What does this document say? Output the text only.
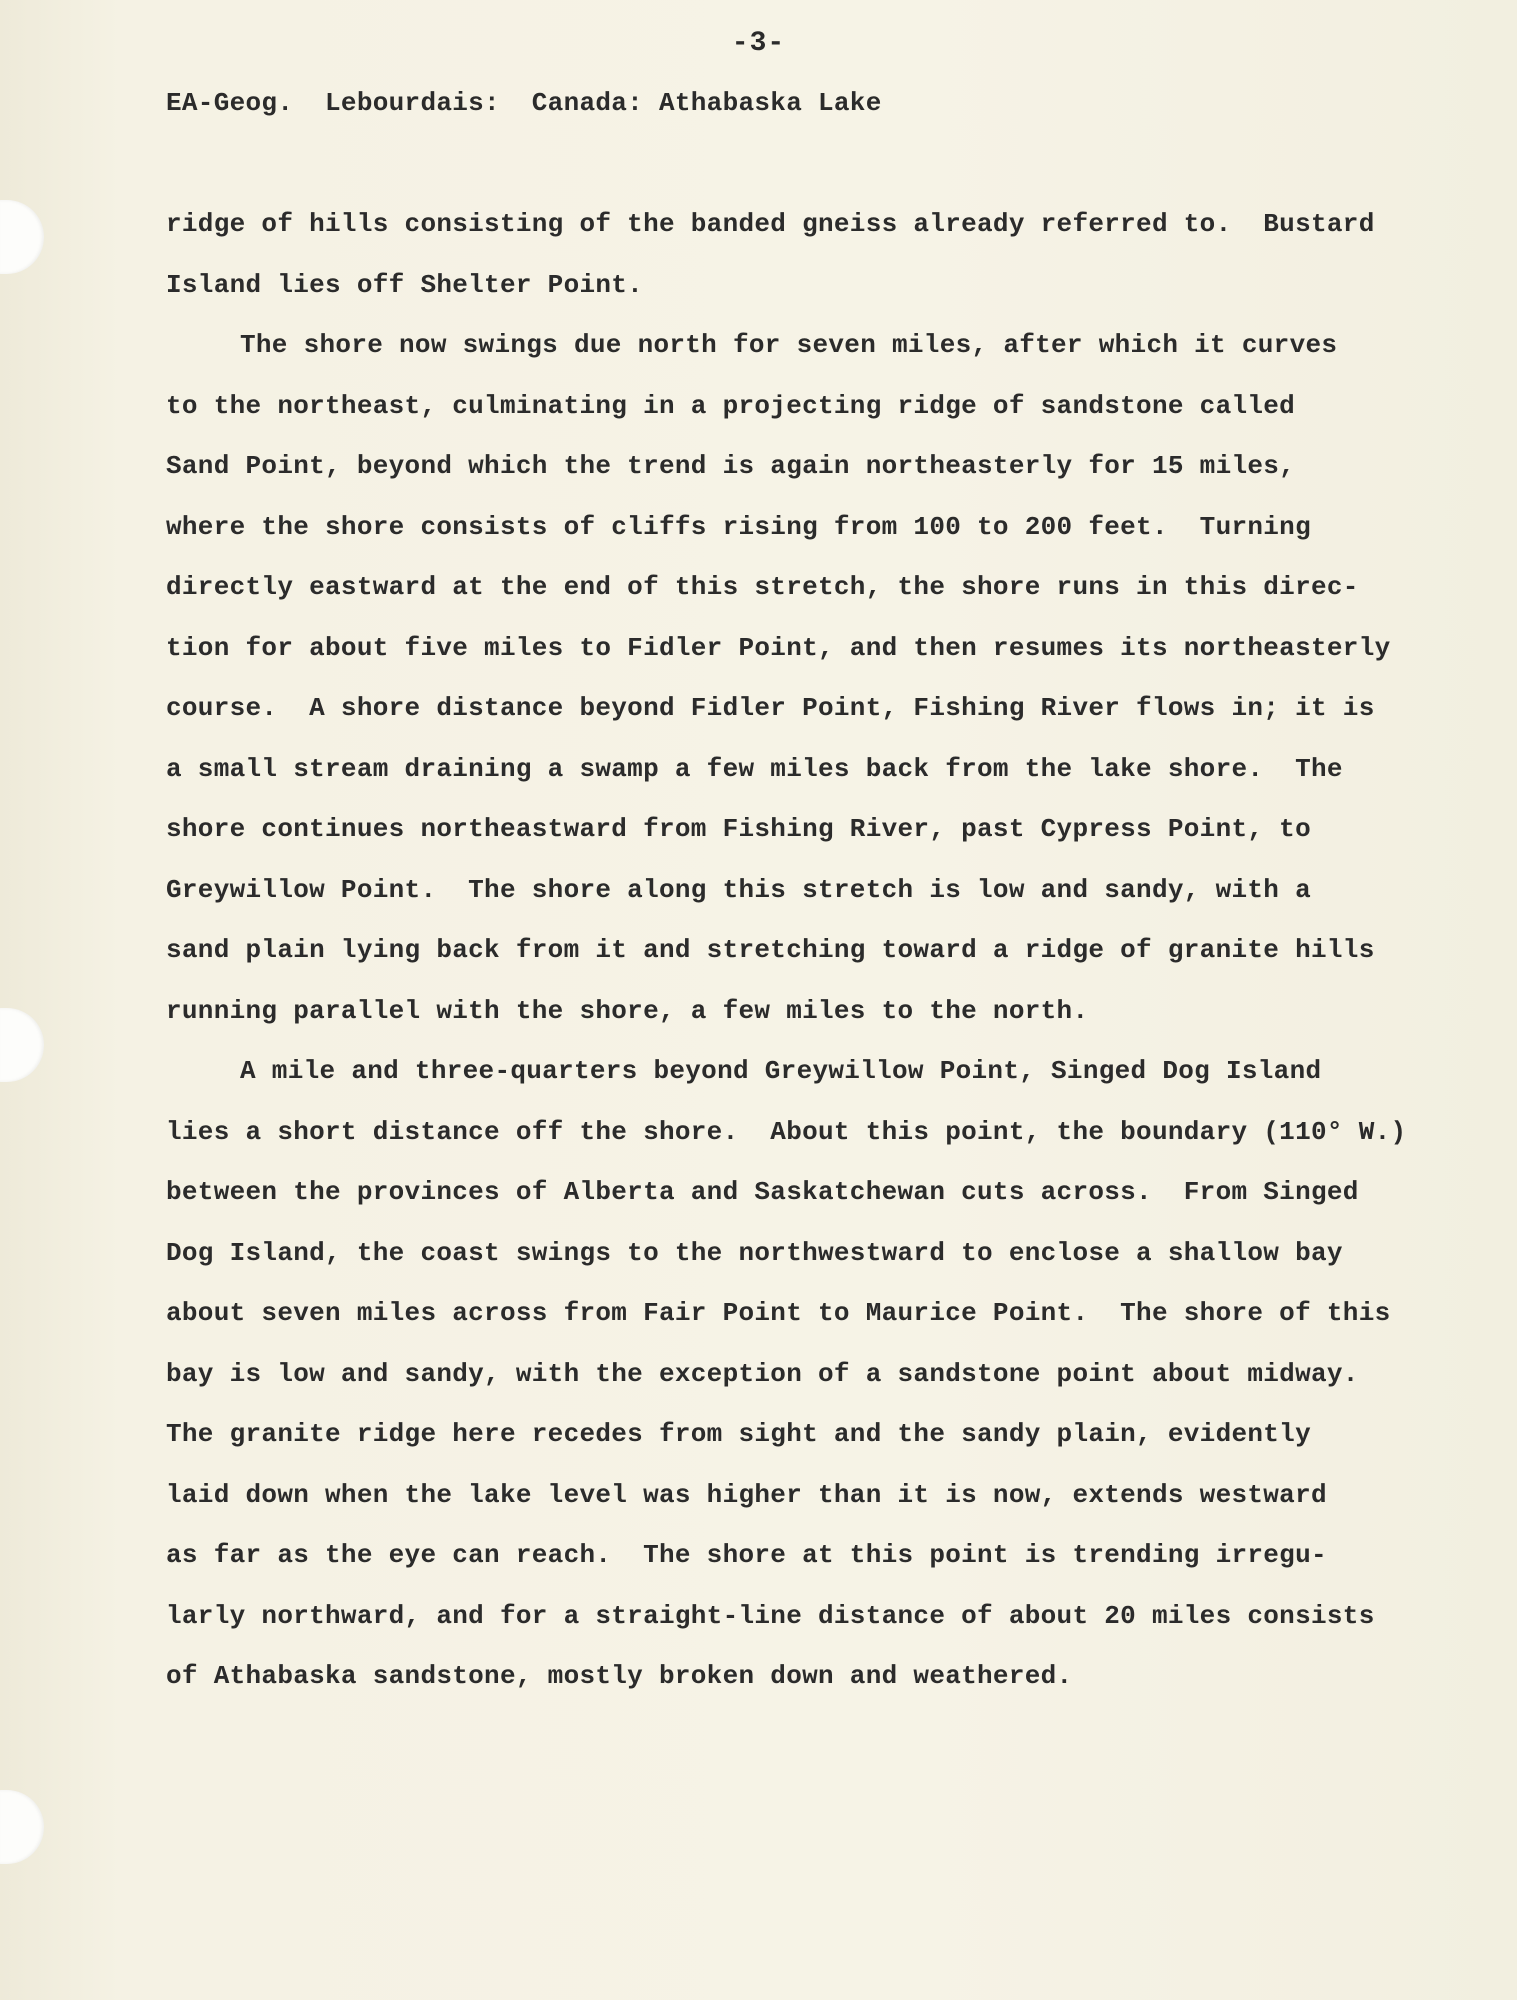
-3-
EA-Geog.  Lebourdais:  Canada: Athabaska Lake
ridge of hills consisting of the banded gneiss already referred to.  Bustard
Island lies off Shelter Point.
The shore now swings due north for seven miles, after which it curves
to the northeast, culminating in a projecting ridge of sandstone called
Sand Point, beyond which the trend is again northeasterly for 15 miles,
where the shore consists of cliffs rising from 100 to 200 feet.  Turning
directly eastward at the end of this stretch, the shore runs in this direc-
tion for about five miles to Fidler Point, and then resumes its northeasterly
course.  A shore distance beyond Fidler Point, Fishing River flows in; it is
a small stream draining a swamp a few miles back from the lake shore.  The
shore continues northeastward from Fishing River, past Cypress Point, to
Greywillow Point.  The shore along this stretch is low and sandy, with a
sand plain lying back from it and stretching toward a ridge of granite hills
running parallel with the shore, a few miles to the north.
A mile and three-quarters beyond Greywillow Point, Singed Dog Island
lies a short distance off the shore.  About this point, the boundary (110° W.)
between the provinces of Alberta and Saskatchewan cuts across.  From Singed
Dog Island, the coast swings to the northwestward to enclose a shallow bay
about seven miles across from Fair Point to Maurice Point.  The shore of this
bay is low and sandy, with the exception of a sandstone point about midway.
The granite ridge here recedes from sight and the sandy plain, evidently
laid down when the lake level was higher than it is now, extends westward
as far as the eye can reach.  The shore at this point is trending irregu-
larly northward, and for a straight-line distance of about 20 miles consists
of Athabaska sandstone, mostly broken down and weathered.
